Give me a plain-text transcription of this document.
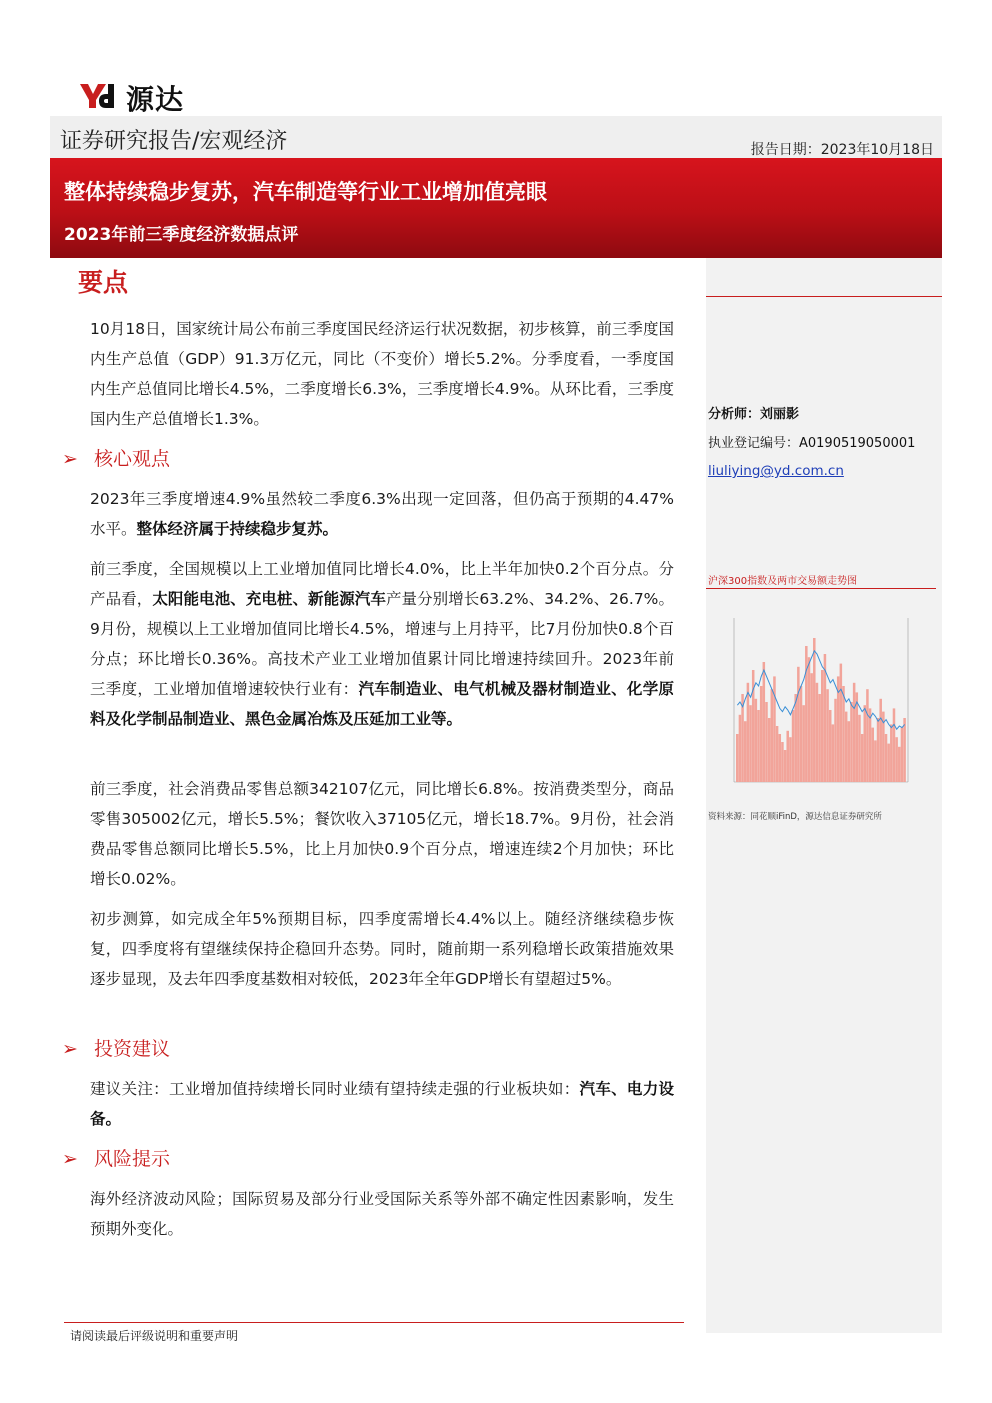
源达
证券研究报告/宏观经济	报告日期：2023年10月18日
整体持续稳步复苏，汽车制造等行业工业增加值亮眼
2023年前三季度经济数据点评
分析师：刘丽影
执业登记编号：A0190519050001
liuliying@yd.com.cn
沪深300指数及两市交易额走势图
资料来源：同花顺iFinD，源达信息证券研究所
要点

10月18日，国家统计局公布前三季度国民经济运行状况数据，初步核算，前三季度国内生产总值（GDP）91.3万亿元，同比（不变价）增长5.2%。分季度看，一季度国内生产总值同比增长4.5%，二季度增长6.3%，三季度增长4.9%。从环比看，三季度国内生产总值增长1.3%。

➢ 核心观点

2023年三季度增速4.9%虽然较二季度6.3%出现一定回落，但仍高于预期的4.47%水平。整体经济属于持续稳步复苏。

前三季度，全国规模以上工业增加值同比增长4.0%，比上半年加快0.2个百分点。分产品看，太阳能电池、充电桩、新能源汽车产量分别增长63.2%、34.2%、26.7%。9月份，规模以上工业增加值同比增长4.5%，增速与上月持平，比7月份加快0.8个百分点；环比增长0.36%。高技术产业工业增加值累计同比增速持续回升。2023年前三季度，工业增加值增速较快行业有：汽车制造业、电气机械及器材制造业、化学原料及化学制品制造业、黑色金属冶炼及压延加工业等。

前三季度，社会消费品零售总额342107亿元，同比增长6.8%。按消费类型分，商品零售305002亿元，增长5.5%；餐饮收入37105亿元，增长18.7%。9月份，社会消费品零售总额同比增长5.5%，比上月加快0.9个百分点，增速连续2个月加快；环比增长0.02%。

初步测算，如完成全年5%预期目标，四季度需增长4.4%以上。随经济继续稳步恢复，四季度将有望继续保持企稳回升态势。同时，随前期一系列稳增长政策措施效果逐步显现，及去年四季度基数相对较低，2023年全年GDP增长有望超过5%。

➢ 投资建议

建议关注：工业增加值持续增长同时业绩有望持续走强的行业板块如：汽车、电力设备。

➢ 风险提示

海外经济波动风险；国际贸易及部分行业受国际关系等外部不确定性因素影响，发生预期外变化。

请阅读最后评级说明和重要声明
